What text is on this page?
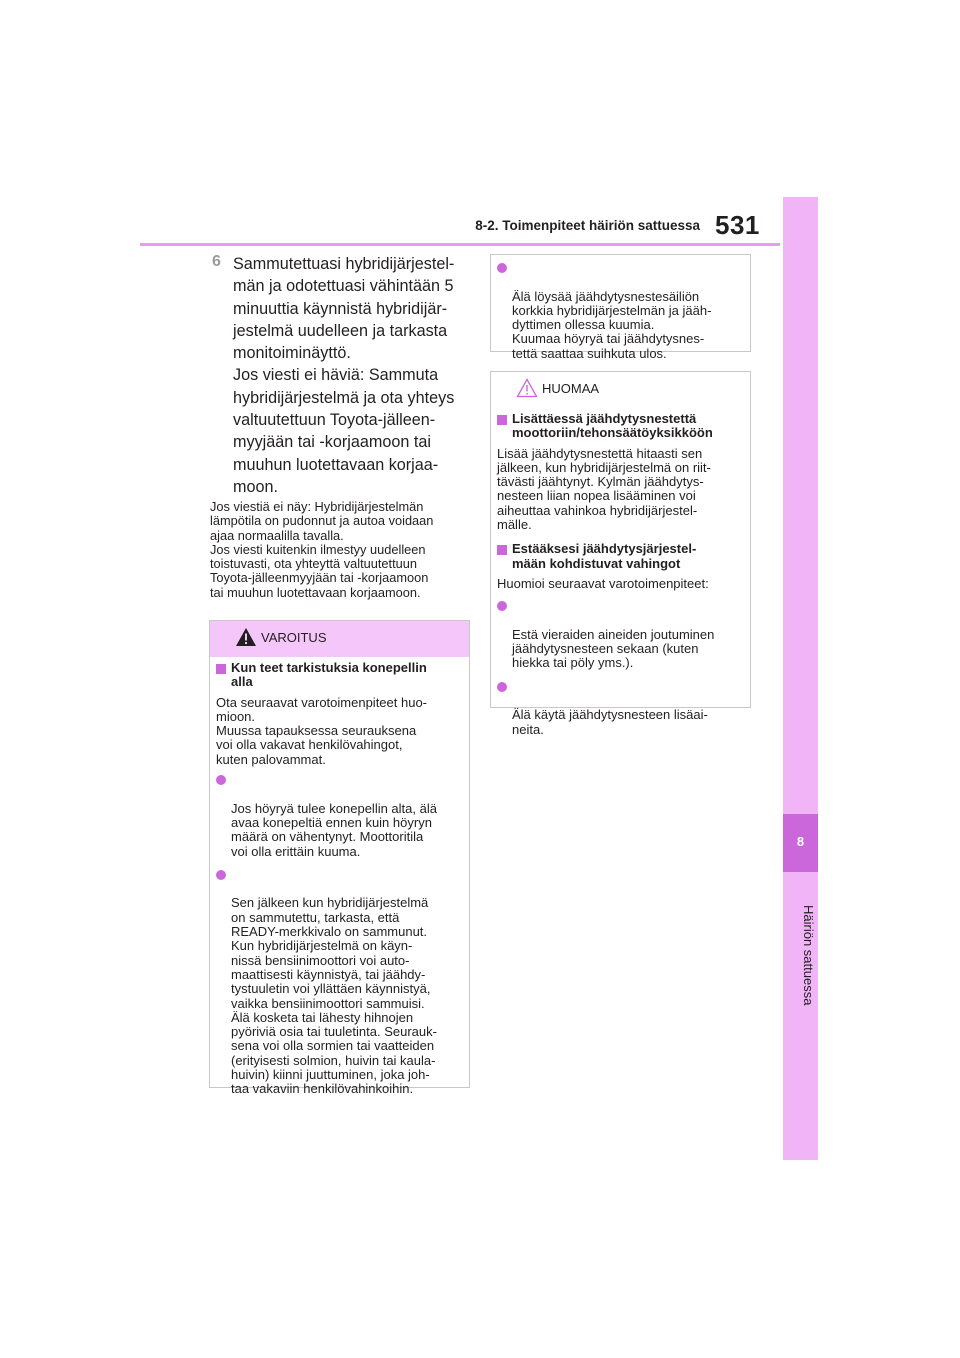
8-2. Toimenpiteet häiriön sattuessa 531
8
Häiriön sattuessa
6 Sammutettuasi hybridijärjestel-
män ja odotettuasi vähintään 5
minuuttia käynnistä hybridijär-
jestelmä uudelleen ja tarkasta
monitoiminäyttö.
Jos viesti ei häviä: Sammuta
hybridijärjestelmä ja ota yhteys
valtuutettuun Toyota-jälleen-
myyjään tai -korjaamoon tai
muuhun luotettavaan korjaa-
moon.
Jos viestiä ei näy: Hybridijärjestelmän
lämpötila on pudonnut ja autoa voidaan
ajaa normaalilla tavalla.
Jos viesti kuitenkin ilmestyy uudelleen
toistuvasti, ota yhteyttä valtuutettuun
Toyota-jälleenmyyjään tai -korjaamoon
tai muuhun luotettavaan korjaamoon.
VAROITUS
Kun teet tarkistuksia konepellin
alla
Ota seuraavat varotoimenpiteet huo-
mioon.
Muussa tapauksessa seurauksena
voi olla vakavat henkilövahingot,
kuten palovammat.

Jos höyryä tulee konepellin alta, älä
avaa konepeltiä ennen kuin höyryn
määrä on vähentynyt. Moottoritila
voi olla erittäin kuuma.

Sen jälkeen kun hybridijärjestelmä
on sammutettu, tarkasta, että
READY-merkkivalo on sammunut.
Kun hybridijärjestelmä on käyn-
nissä bensiinimoottori voi auto-
maattisesti käynnistyä, tai jäähdy-
tystuuletin voi yllättäen käynnistyä,
vaikka bensiinimoottori sammuisi.
Älä kosketa tai lähesty hihnojen
pyöriviä osia tai tuuletinta. Seurauk-
sena voi olla sormien tai vaatteiden
(erityisesti solmion, huivin tai kaula-
huivin) kiinni juuttuminen, joka joh-
taa vakaviin henkilövahinkoihin.

Älä löysää jäähdytysnestesäiliön
korkkia hybridijärjestelmän ja jääh-
dyttimen ollessa kuumia.
Kuumaa höyryä tai jäähdytysnes-
tettä saattaa suihkuta ulos.

HUOMAA
Lisättäessä jäähdytysnestettä
moottoriin/tehonsäätöyksikköön
Lisää jäähdytysnestettä hitaasti sen
jälkeen, kun hybridijärjestelmä on riit-
tävästi jäähtynyt. Kylmän jäähdytys-
nesteen liian nopea lisääminen voi
aiheuttaa vahinkoa hybridijärjestel-
mälle.
Estääksesi jäähdytysjärjestel-
mään kohdistuvat vahingot
Huomioi seuraavat varotoimenpiteet:

Estä vieraiden aineiden joutuminen
jäähdytysnesteen sekaan (kuten
hiekka tai pöly yms.).

Älä käytä jäähdytysnesteen lisäai-
neita.
